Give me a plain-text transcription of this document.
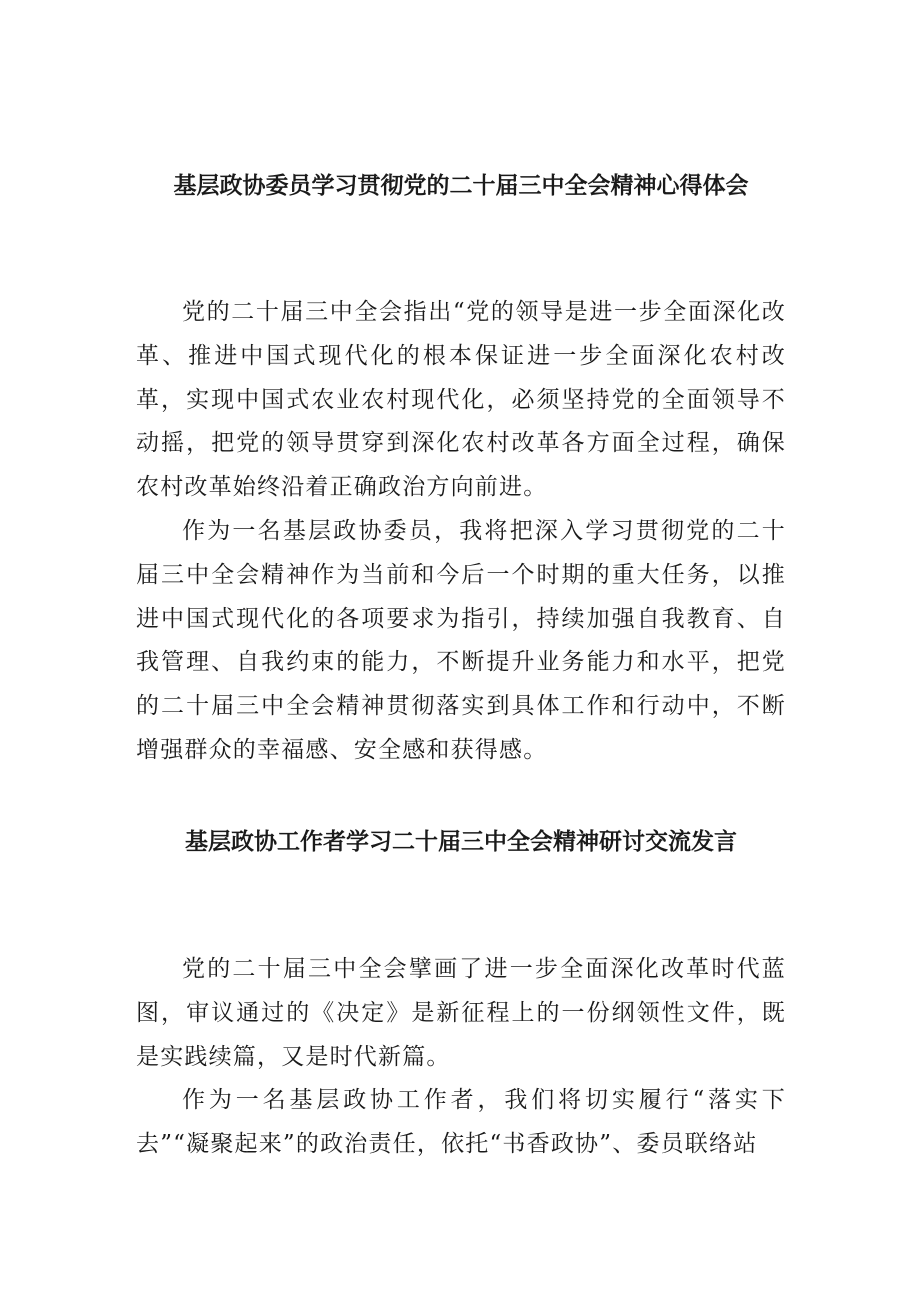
基层政协委员学习贯彻党的二十届三中全会精神心得体会

党的二十届三中全会指出“党的领导是进一步全面深化改革、推进中国式现代化的根本保证进一步全面深化农村改革，实现中国式农业农村现代化，必须坚持党的全面领导不动摇，把党的领导贯穿到深化农村改革各方面全过程，确保农村改革始终沿着正确政治方向前进。

作为一名基层政协委员，我将把深入学习贯彻党的二十届三中全会精神作为当前和今后一个时期的重大任务，以推进中国式现代化的各项要求为指引，持续加强自我教育、自我管理、自我约束的能力，不断提升业务能力和水平，把党的二十届三中全会精神贯彻落实到具体工作和行动中，不断增强群众的幸福感、安全感和获得感。

基层政协工作者学习二十届三中全会精神研讨交流发言

党的二十届三中全会擘画了进一步全面深化改革时代蓝图，审议通过的《决定》是新征程上的一份纲领性文件，既是实践续篇，又是时代新篇。

作为一名基层政协工作者，我们将切实履行“落实下去”“凝聚起来”的政治责任，依托“书香政协”、委员联络站
